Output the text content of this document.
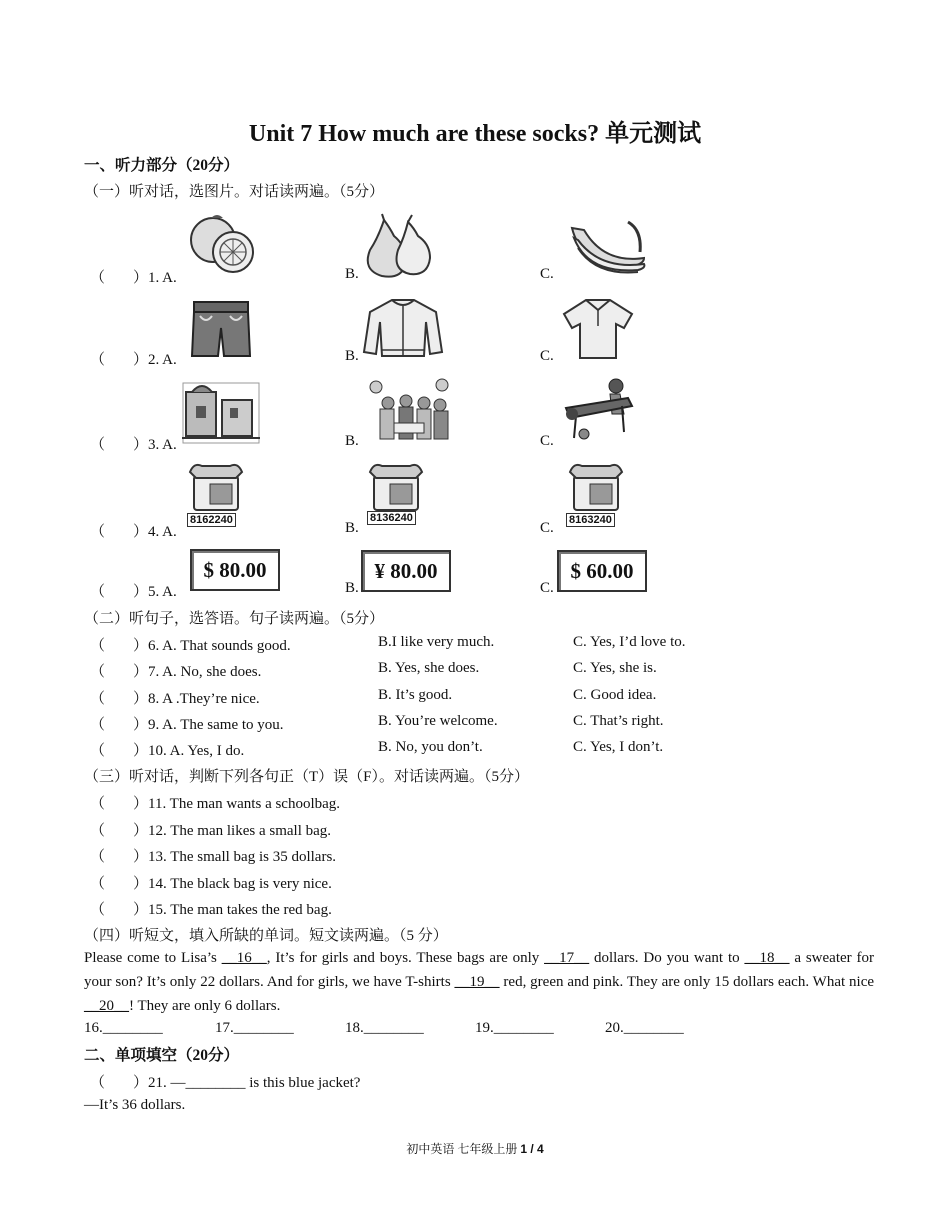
Unit 7 How much are these socks? 单元测试
一、听力部分（20分）
（一）听对话，选图片。对话读两遍。（5分）
（ ）1. A.	B.	C.
（ ）2. A.	B.	C.
（ ）3. A.	B.	C.
（ ）4. A.	B.	C.
8162240	8136240	8163240
（ ）5. A.	B.	C.
$ 80.00	¥ 80.00	$ 60.00
（二）听句子，选答语。句子读两遍。（5分）
（ ）6. A. That sounds good.	B.I like very much.	C. Yes, I’d love to.
（ ）7. A. No, she does.	B. Yes, she does.	C. Yes, she is.
（ ）8. A .They’re nice.	B. It’s good.	C. Good idea.
（ ）9. A. The same to you.	B. You’re welcome.	C. That’s right.
（ ）10. A. Yes, I do.	B. No, you don’t.	C. Yes, I don’t.
（三）听对话，判断下列各句正（T）误（F）。对话读两遍。（5分）
（ ）11. The man wants a schoolbag.
（ ）12. The man likes a small bag.
（ ）13. The small bag is 35 dollars.
（ ）14. The black bag is very nice.
（ ）15. The man takes the red bag.
（四）听短文，填入所缺的单词。短文读两遍。（5 分）
Please come to Lisa’s __16__, It’s for girls and boys. These bags are only __17__ dollars. Do you want to __18__ a sweater for your son? It’s only 22 dollars. And for girls, we have T-shirts __19__ red, green and pink. They are only 15 dollars each. What nice __20__! They are only 6 dollars.
16.________	17.________	18.________	19.________	20.________
二、单项填空（20分）
（ ）21. —________ is this blue jacket?
—It’s 36 dollars.
初中英语 七年级上册 1 / 4
